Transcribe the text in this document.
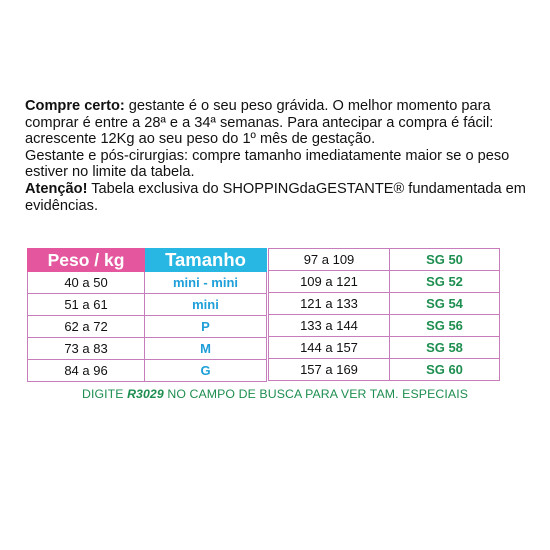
Compre certo: gestante é o seu peso grávida. O melhor momento para comprar é entre a 28ª e a 34ª semanas. Para antecipar a compra é fácil: acrescente 12Kg ao seu peso do 1º mês de gestação.

Gestante e pós-cirurgias: compre tamanho imediatamente maior se o peso estiver no limite da tabela.

Atenção! Tabela exclusiva do SHOPPINGdaGESTANTE® fundamentada em evidências.

Peso / kg	Tamanho
40 a 50	mini - mini
51 a 61	mini
62 a 72	P
73 a 83	M
84 a 96	G
97 a 109	SG 50
109 a 121	SG 52
121 a 133	SG 54
133 a 144	SG 56
144 a 157	SG 58
157 a 169	SG 60
DIGITE R3029 NO CAMPO DE BUSCA PARA VER TAM. ESPECIAIS
